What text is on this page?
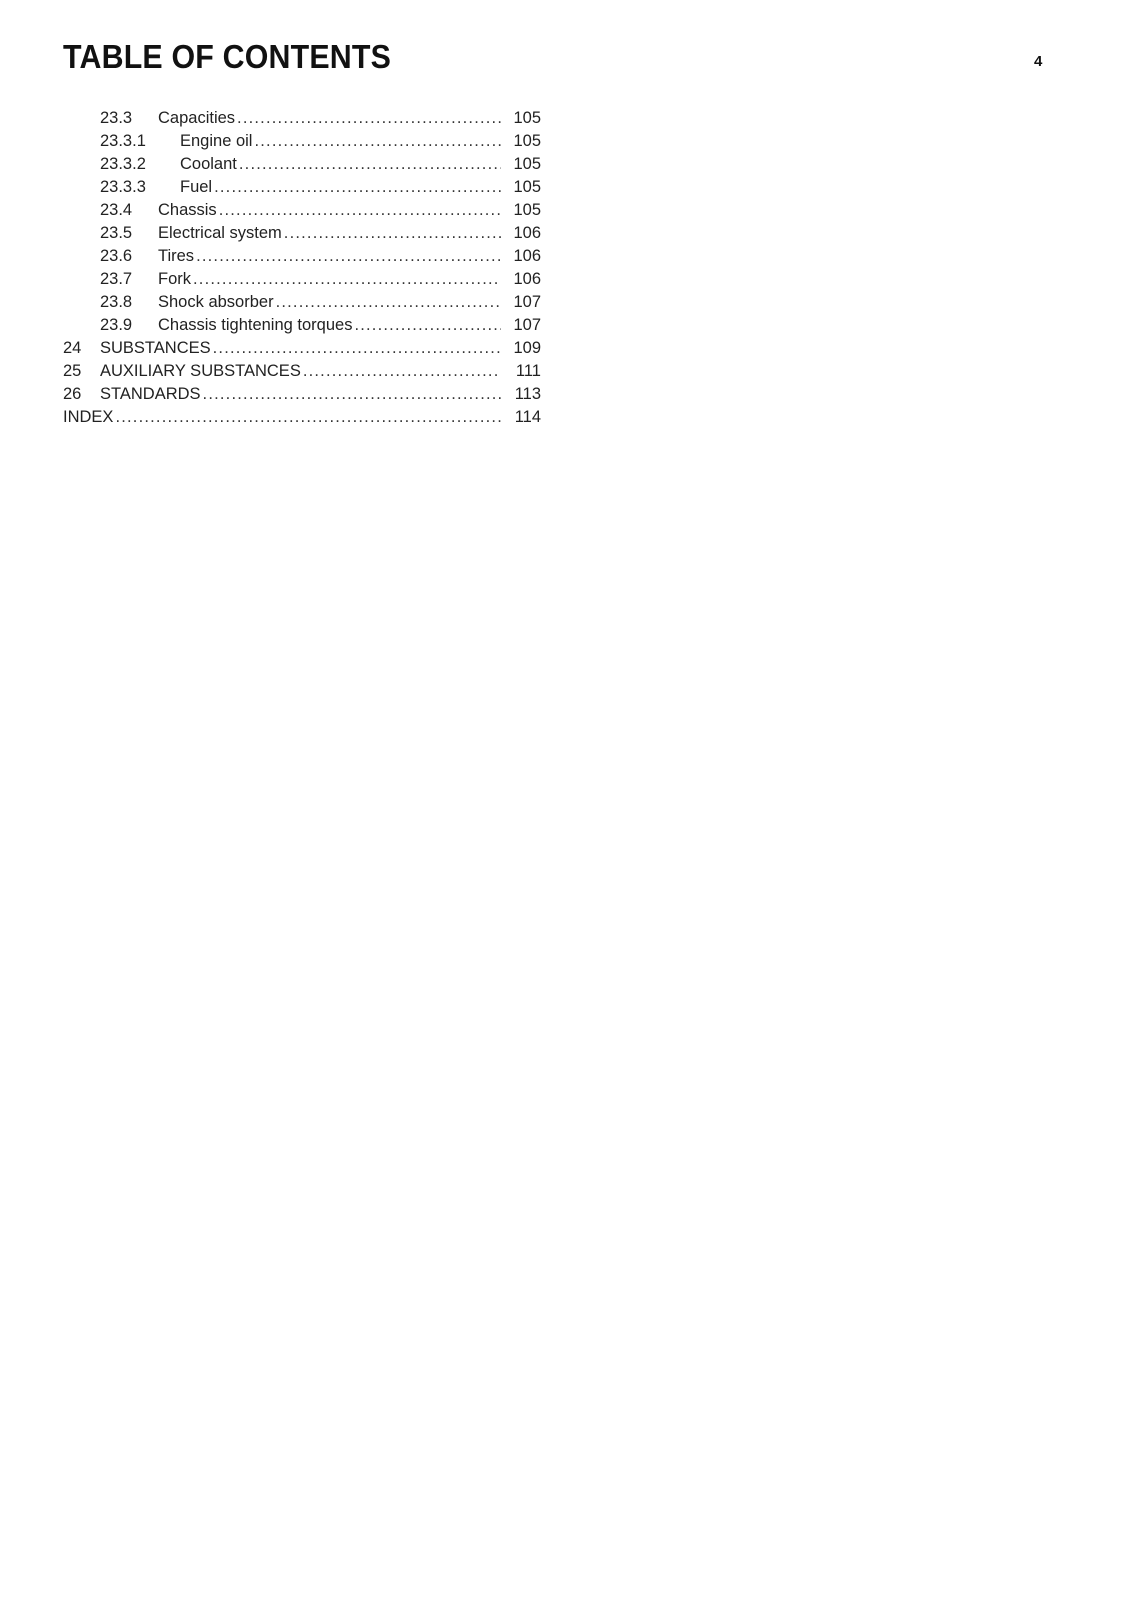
TABLE OF CONTENTS	4
23.3 Capacities .....	105
23.3.1 Engine oil .....	105
23.3.2 Coolant .....	105
23.3.3 Fuel .....	105
23.4 Chassis .....	105
23.5 Electrical system .....	106
23.6 Tires .....	106
23.7 Fork .....	106
23.8 Shock absorber .....	107
23.9 Chassis tightening torques .....	107
24 SUBSTANCES .....	109
25 AUXILIARY SUBSTANCES .....	111
26 STANDARDS .....	113
INDEX .....	114
